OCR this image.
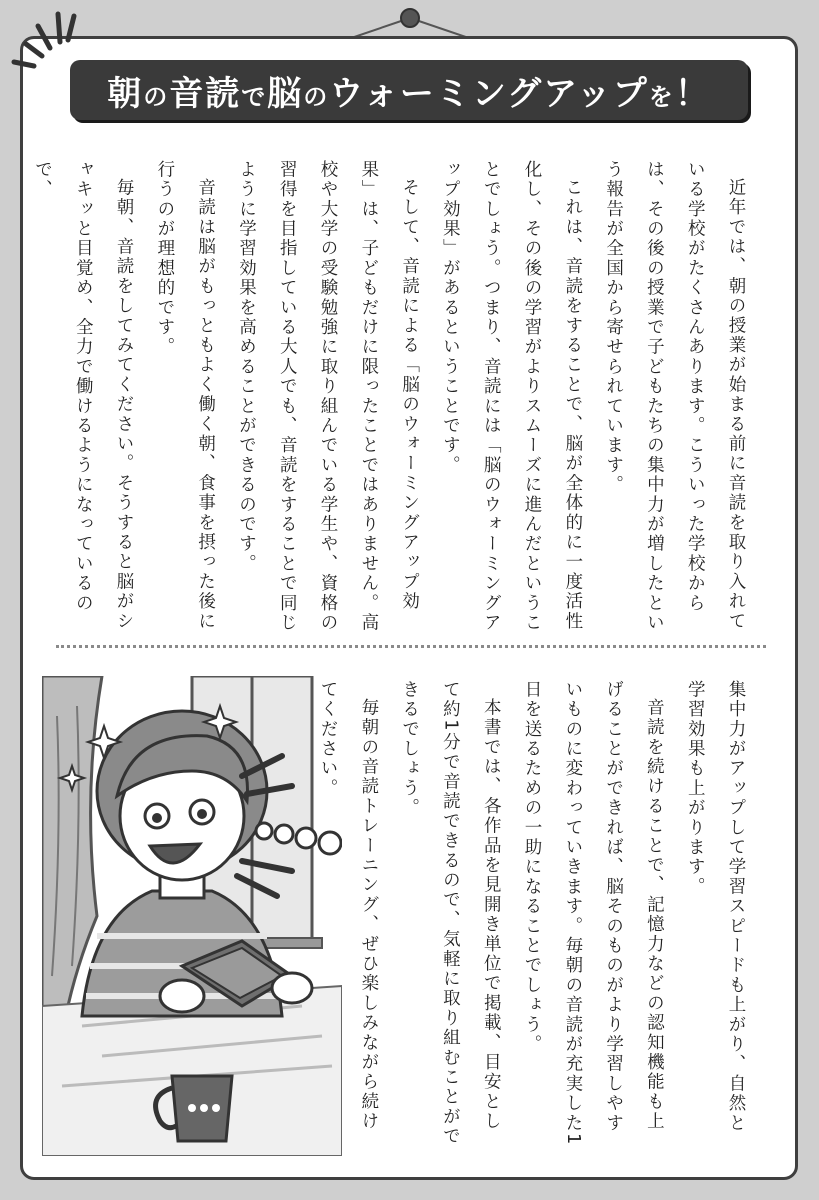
朝の音読で脳のウォーミングアップを！

近年では、朝の授業が始まる前に音読を取り入れている学校がたくさんあります。こういった学校からは、その後の授業で子どもたちの集中力が増したという報告が全国から寄せられています。

これは、音読をすることで、脳が全体的に一度活性化し、その後の学習がよりスムーズに進んだということでしょう。つまり、音読には「脳のウォーミングアップ効果」があるということです。

そして、音読による「脳のウォーミングアップ効果」は、子どもだけに限ったことではありません。高校や大学の受験勉強に取り組んでいる学生や、資格の習得を目指している大人でも、音読をすることで同じように学習効果を高めることができるのです。

音読は脳がもっともよく働く朝、食事を摂った後に行うのが理想的です。

毎朝、音読をしてみてください。そうすると脳がシャキッと目覚め、全力で働けるようになっているので、

集中力がアップして学習スピードも上がり、自然と学習効果も上がります。

音読を続けることで、記憶力などの認知機能も上げることができれば、脳そのものがより学習しやすいものに変わっていきます。毎朝の音読が充実した1日を送るための一助になることでしょう。

本書では、各作品を見開き単位で掲載、目安として約1分で音読できるので、気軽に取り組むことができるでしょう。

毎朝の音読トレーニング、ぜひ楽しみながら続けてください。
